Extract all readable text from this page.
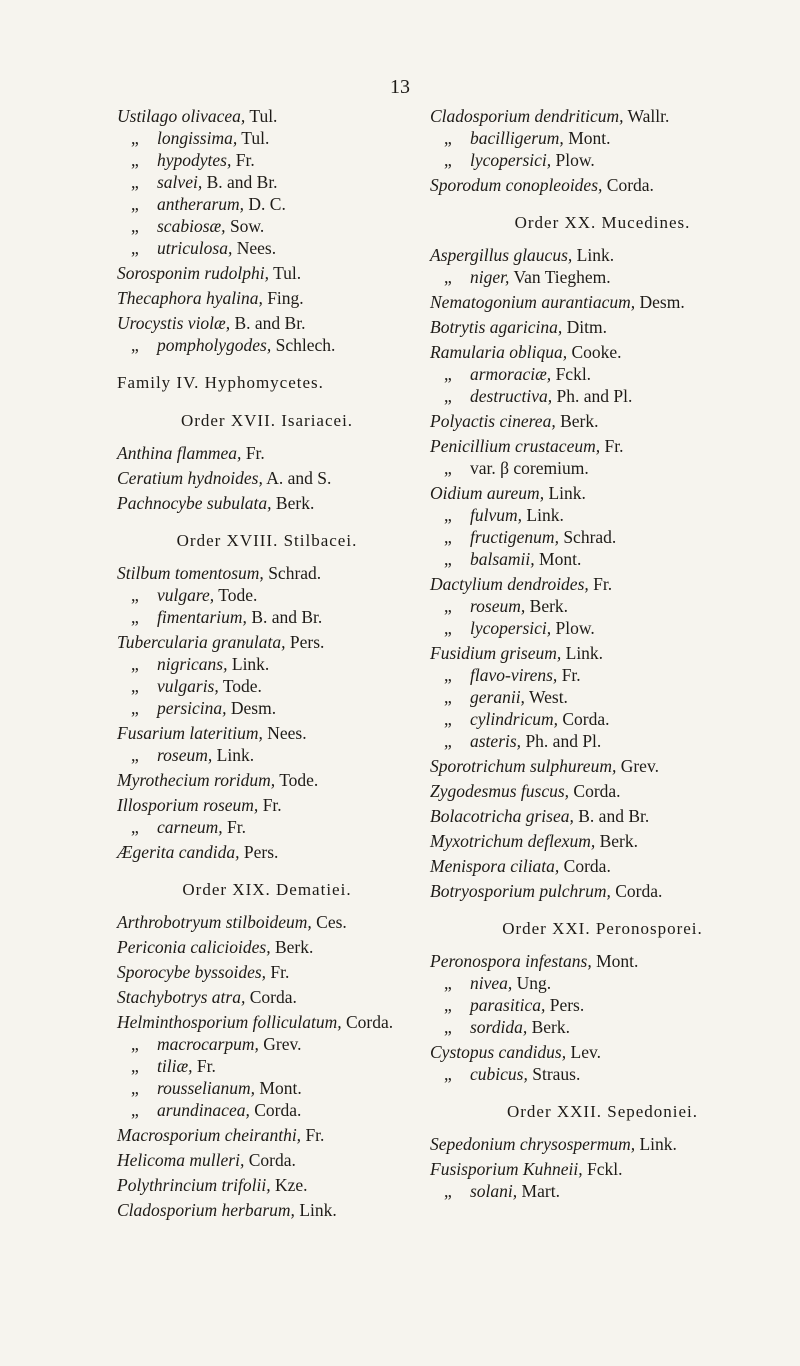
13
Ustilago olivacea, Tul.
„ longissima, Tul.
„ hypodytes, Fr.
„ salvei, B. and Br.
„ antherarum, D. C.
„ scabiosæ, Sow.
„ utriculosa, Nees.
Sorosponim rudolphi, Tul.
Thecaphora hyalina, Fing.
Urocystis violæ, B. and Br.
„ pompholygodes, Schlech.
Family IV. Hyphomycetes.
Order XVII. Isariacei.
Anthina flammea, Fr.
Ceratium hydnoides, A. and S.
Pachnocybe subulata, Berk.
Order XVIII. Stilbacei.
Stilbum tomentosum, Schrad.
„ vulgare, Tode.
„ fimentarium, B. and Br.
Tubercularia granulata, Pers.
„ nigricans, Link.
„ vulgaris, Tode.
„ persicina, Desm.
Fusarium lateritium, Nees.
„ roseum, Link.
Myrothecium roridum, Tode.
Illosporium roseum, Fr.
„ carneum, Fr.
Ægerita candida, Pers.
Order XIX. Dematiei.
Arthrobotryum stilboideum, Ces.
Periconia calicioides, Berk.
Sporocybe byssoides, Fr.
Stachybotrys atra, Corda.
Helminthosporium folliculatum, Corda.
„ macrocarpum, Grev.
„ tiliæ, Fr.
„ rousselianum, Mont.
„ arundinacea, Corda.
Macrosporium cheiranthi, Fr.
Helicoma mulleri, Corda.
Polythrincium trifolii, Kze.
Cladosporium herbarum, Link.
Cladosporium dendriticum, Wallr.
„ bacilligerum, Mont.
„ lycopersici, Plow.
Sporodum conopleoides, Corda.
Order XX. Mucedines.
Aspergillus glaucus, Link.
„ niger, Van Tieghem.
Nematogonium aurantiacum, Desm.
Botrytis agaricina, Ditm.
Ramularia obliqua, Cooke.
„ armoraciæ, Fckl.
„ destructiva, Ph. and Pl.
Polyactis cinerea, Berk.
Penicillium crustaceum, Fr.
„ var. β coremium.
Oidium aureum, Link.
„ fulvum, Link.
„ fructigenum, Schrad.
„ balsamii, Mont.
Dactylium dendroides, Fr.
„ roseum, Berk.
„ lycopersici, Plow.
Fusidium griseum, Link.
„ flavo-virens, Fr.
„ geranii, West.
„ cylindricum, Corda.
„ asteris, Ph. and Pl.
Sporotrichum sulphureum, Grev.
Zygodesmus fuscus, Corda.
Bolacotricha grisea, B. and Br.
Myxotrichum deflexum, Berk.
Menispora ciliata, Corda.
Botryosporium pulchrum, Corda.
Order XXI. Peronosporei.
Peronospora infestans, Mont.
„ nivea, Ung.
„ parasitica, Pers.
„ sordida, Berk.
Cystopus candidus, Lev.
„ cubicus, Straus.
Order XXII. Sepedoniei.
Sepedonium chrysospermum, Link.
Fusisporium Kuhneii, Fckl.
„ solani, Mart.
